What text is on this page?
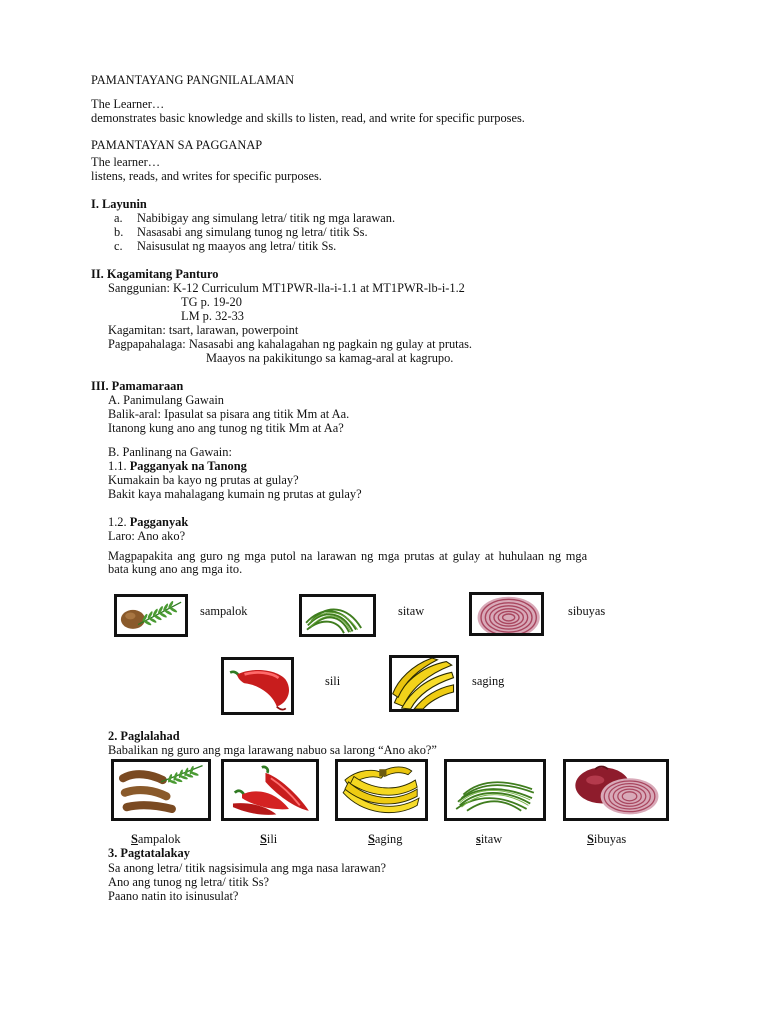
PAMANTAYANG PANGNILALAMAN
The Learner…
demonstrates basic knowledge and skills to listen, read, and write for specific purposes.
PAMANTAYAN SA PAGGANAP
The learner…
listens, reads, and writes for specific purposes.
I. Layunin
a. Nabibigay ang simulang letra/ titik ng mga larawan.
b. Nasasabi ang simulang tunog ng letra/ titik Ss.
c. Naisusulat ng maayos ang letra/ titik Ss.
II. Kagamitang Panturo
Sanggunian: K-12 Curriculum MT1PWR-lla-i-1.1 at MT1PWR-lb-i-1.2
TG p. 19-20
LM p. 32-33
Kagamitan: tsart, larawan, powerpoint
Pagpapahalaga: Nasasabi ang kahalagahan ng pagkain ng gulay at prutas.
Maayos na pakikitungo sa kamag-aral at kagrupo.
III. Pamamaraan
A. Panimulang Gawain
Balik-aral: Ipasulat sa pisara ang titik Mm at Aa.
Itanong kung ano ang tunog ng titik Mm at Aa?
B. Panlinang na Gawain:
1.1. Pagganyak na Tanong
Kumakain ba kayo ng prutas at gulay?
Bakit kaya mahalagang kumain ng prutas at gulay?
1.2. Pagganyak
Laro: Ano ako?
Magpapakita ang guro ng mga putol na larawan ng mga prutas at gulay at huhulaan ng mga
bata kung ano ang mga ito.
sampalok	sitaw	sibuyas
sili	saging
2. Paglalahad
Babalikan ng guro ang mga larawang nabuo sa larong “Ano ako?”
Sampalok	Sili	Saging	sitaw	Sibuyas
3. Pagtatalakay
Sa anong letra/ titik nagsisimula ang mga nasa larawan?
Ano ang tunog ng letra/ titik Ss?
Paano natin ito isinusulat?
